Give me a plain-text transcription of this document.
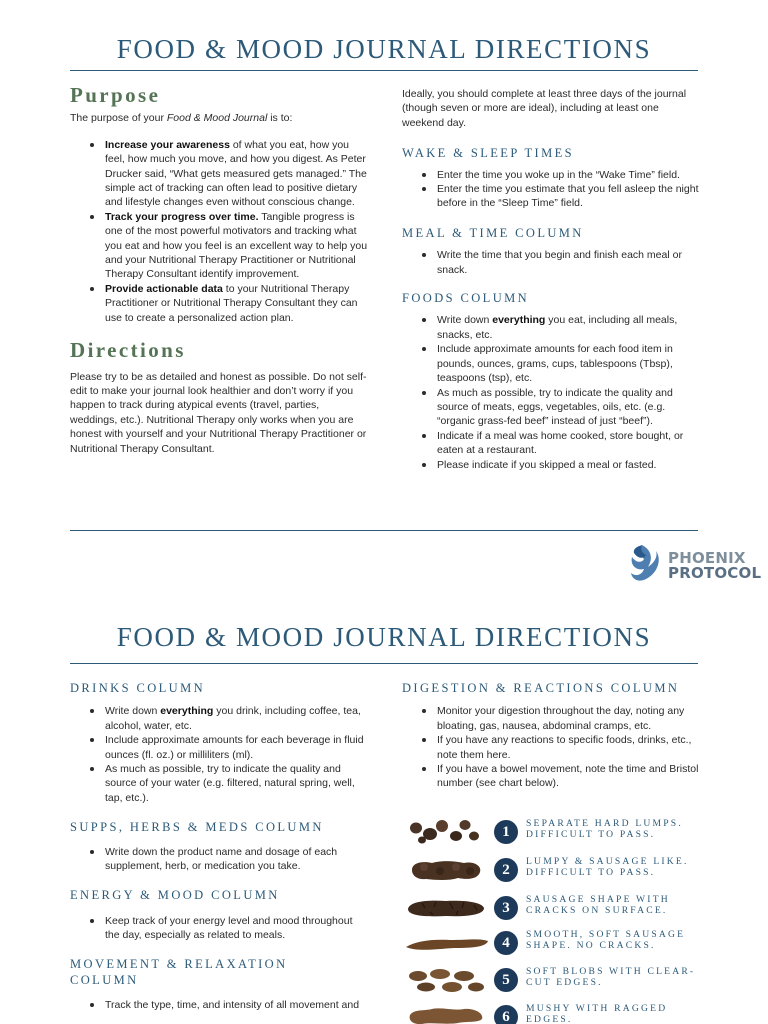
FOOD & MOOD JOURNAL DIRECTIONS
Purpose

The purpose of your Food & Mood Journal is to:

Increase your awareness of what you eat, how you feel, how much you move, and how you digest. As Peter Drucker said, “What gets measured gets managed.” The simple act of tracking can often lead to positive dietary and lifestyle changes even without conscious change.
Track your progress over time. Tangible progress is one of the most powerful motivators and tracking what you eat and how you feel is an excellent way to help you and your Nutritional Therapy Practitioner or Nutritional Therapy Consultant identify improvement.
Provide actionable data to your Nutritional Therapy Practitioner or Nutritional Therapy Consultant they can use to create a personalized action plan.
Directions

Please try to be as detailed and honest as possible. Do not self-edit to make your journal look healthier and don’t worry if you happen to track during atypical events (travel, parties, weddings, etc.). Nutritional Therapy only works when you are honest with yourself and your Nutritional Therapy Practitioner or Nutritional Therapy Consultant.

Ideally, you should complete at least three days of the journal (though seven or more are ideal), including at least one weekend day.

WAKE & SLEEP TIMES
Enter the time you woke up in the “Wake Time” field.
Enter the time you estimate that you fell asleep the night before in the “Sleep Time” field.
MEAL & TIME COLUMN
Write the time that you begin and finish each meal or snack.
FOODS COLUMN
Write down everything you eat, including all meals, snacks, etc.
Include approximate amounts for each food item in pounds, ounces, grams, cups, tablespoons (Tbsp), teaspoons (tsp), etc.
As much as possible, try to indicate the quality and source of meats, eggs, vegetables, oils, etc. (e.g. “organic grass-fed beef” instead of just “beef”).
Indicate if a meal was home cooked, store bought, or eaten at a restaurant.
Please indicate if you skipped a meal or fasted.
PHOENIX
PROTOCOL
FOOD & MOOD JOURNAL DIRECTIONS
DRINKS COLUMN
Write down everything you drink, including coffee, tea, alcohol, water, etc.
Include approximate amounts for each beverage in fluid ounces (fl. oz.) or milliliters (ml).
As much as possible, try to indicate the quality and source of your water (e.g. filtered, natural spring, well, tap, etc.).
SUPPS, HERBS & MEDS COLUMN
Write down the product name and dosage of each supplement, herb, or medication you take.
ENERGY & MOOD COLUMN
Keep track of your energy level and mood throughout the day, especially as related to meals.
MOVEMENT & RELAXATION COLUMN
Track the type, time, and intensity of all movement and
DIGESTION & REACTIONS COLUMN
Monitor your digestion throughout the day, noting any bloating, gas, nausea, abdominal cramps, etc.
If you have any reactions to specific foods, drinks, etc., note them here.
If you have a bowel movement, note the time and Bristol number (see chart below).
1
SEPARATE HARD LUMPS. DIFFICULT TO PASS.
2
LUMPY & SAUSAGE LIKE. DIFFICULT TO PASS.
3
SAUSAGE SHAPE WITH CRACKS ON SURFACE.
4
SMOOTH, SOFT SAUSAGE SHAPE. NO CRACKS.
5
SOFT BLOBS WITH CLEAR-CUT EDGES.
6
MUSHY WITH RAGGED EDGES.
